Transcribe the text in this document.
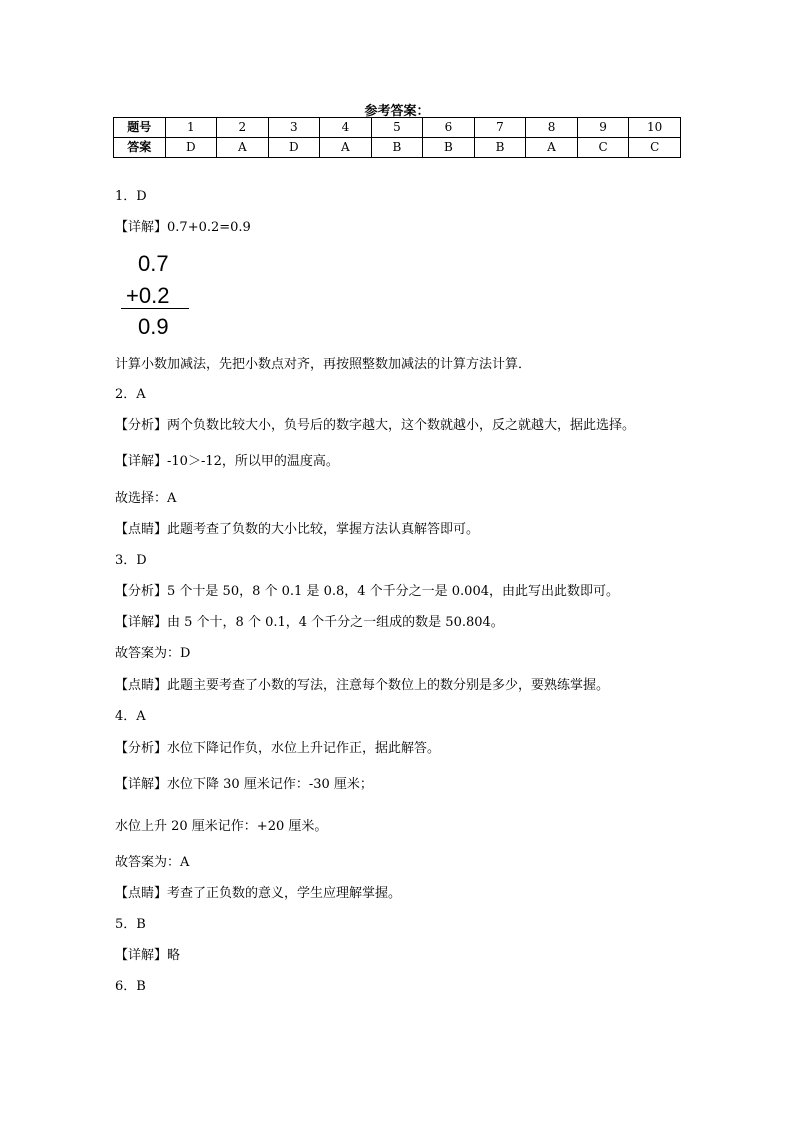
参考答案：
题号	1	2	3	4	5	6	7	8	9	10
答案	D	A	D	A	B	B	B	A	C	C
1．D
【详解】0.7+0.2=0.9
0.7
+0.2
0.9
计算小数加减法，先把小数点对齐，再按照整数加减法的计算方法计算．
2．A
【分析】两个负数比较大小，负号后的数字越大，这个数就越小，反之就越大，据此选择。
【详解】-10＞-12，所以甲的温度高。
故选择：A
【点睛】此题考查了负数的大小比较，掌握方法认真解答即可。
3．D
【分析】5 个十是 50，8 个 0.1 是 0.8，4 个千分之一是 0.004，由此写出此数即可。
【详解】由 5 个十，8 个 0.1，4 个千分之一组成的数是 50.804。
故答案为：D
【点睛】此题主要考查了小数的写法，注意每个数位上的数分别是多少，要熟练掌握。
4．A
【分析】水位下降记作负，水位上升记作正，据此解答。
【详解】水位下降 30 厘米记作：-30 厘米；
水位上升 20 厘米记作：+20 厘米。
故答案为：A
【点睛】考查了正负数的意义，学生应理解掌握。
5．B
【详解】略
6．B
